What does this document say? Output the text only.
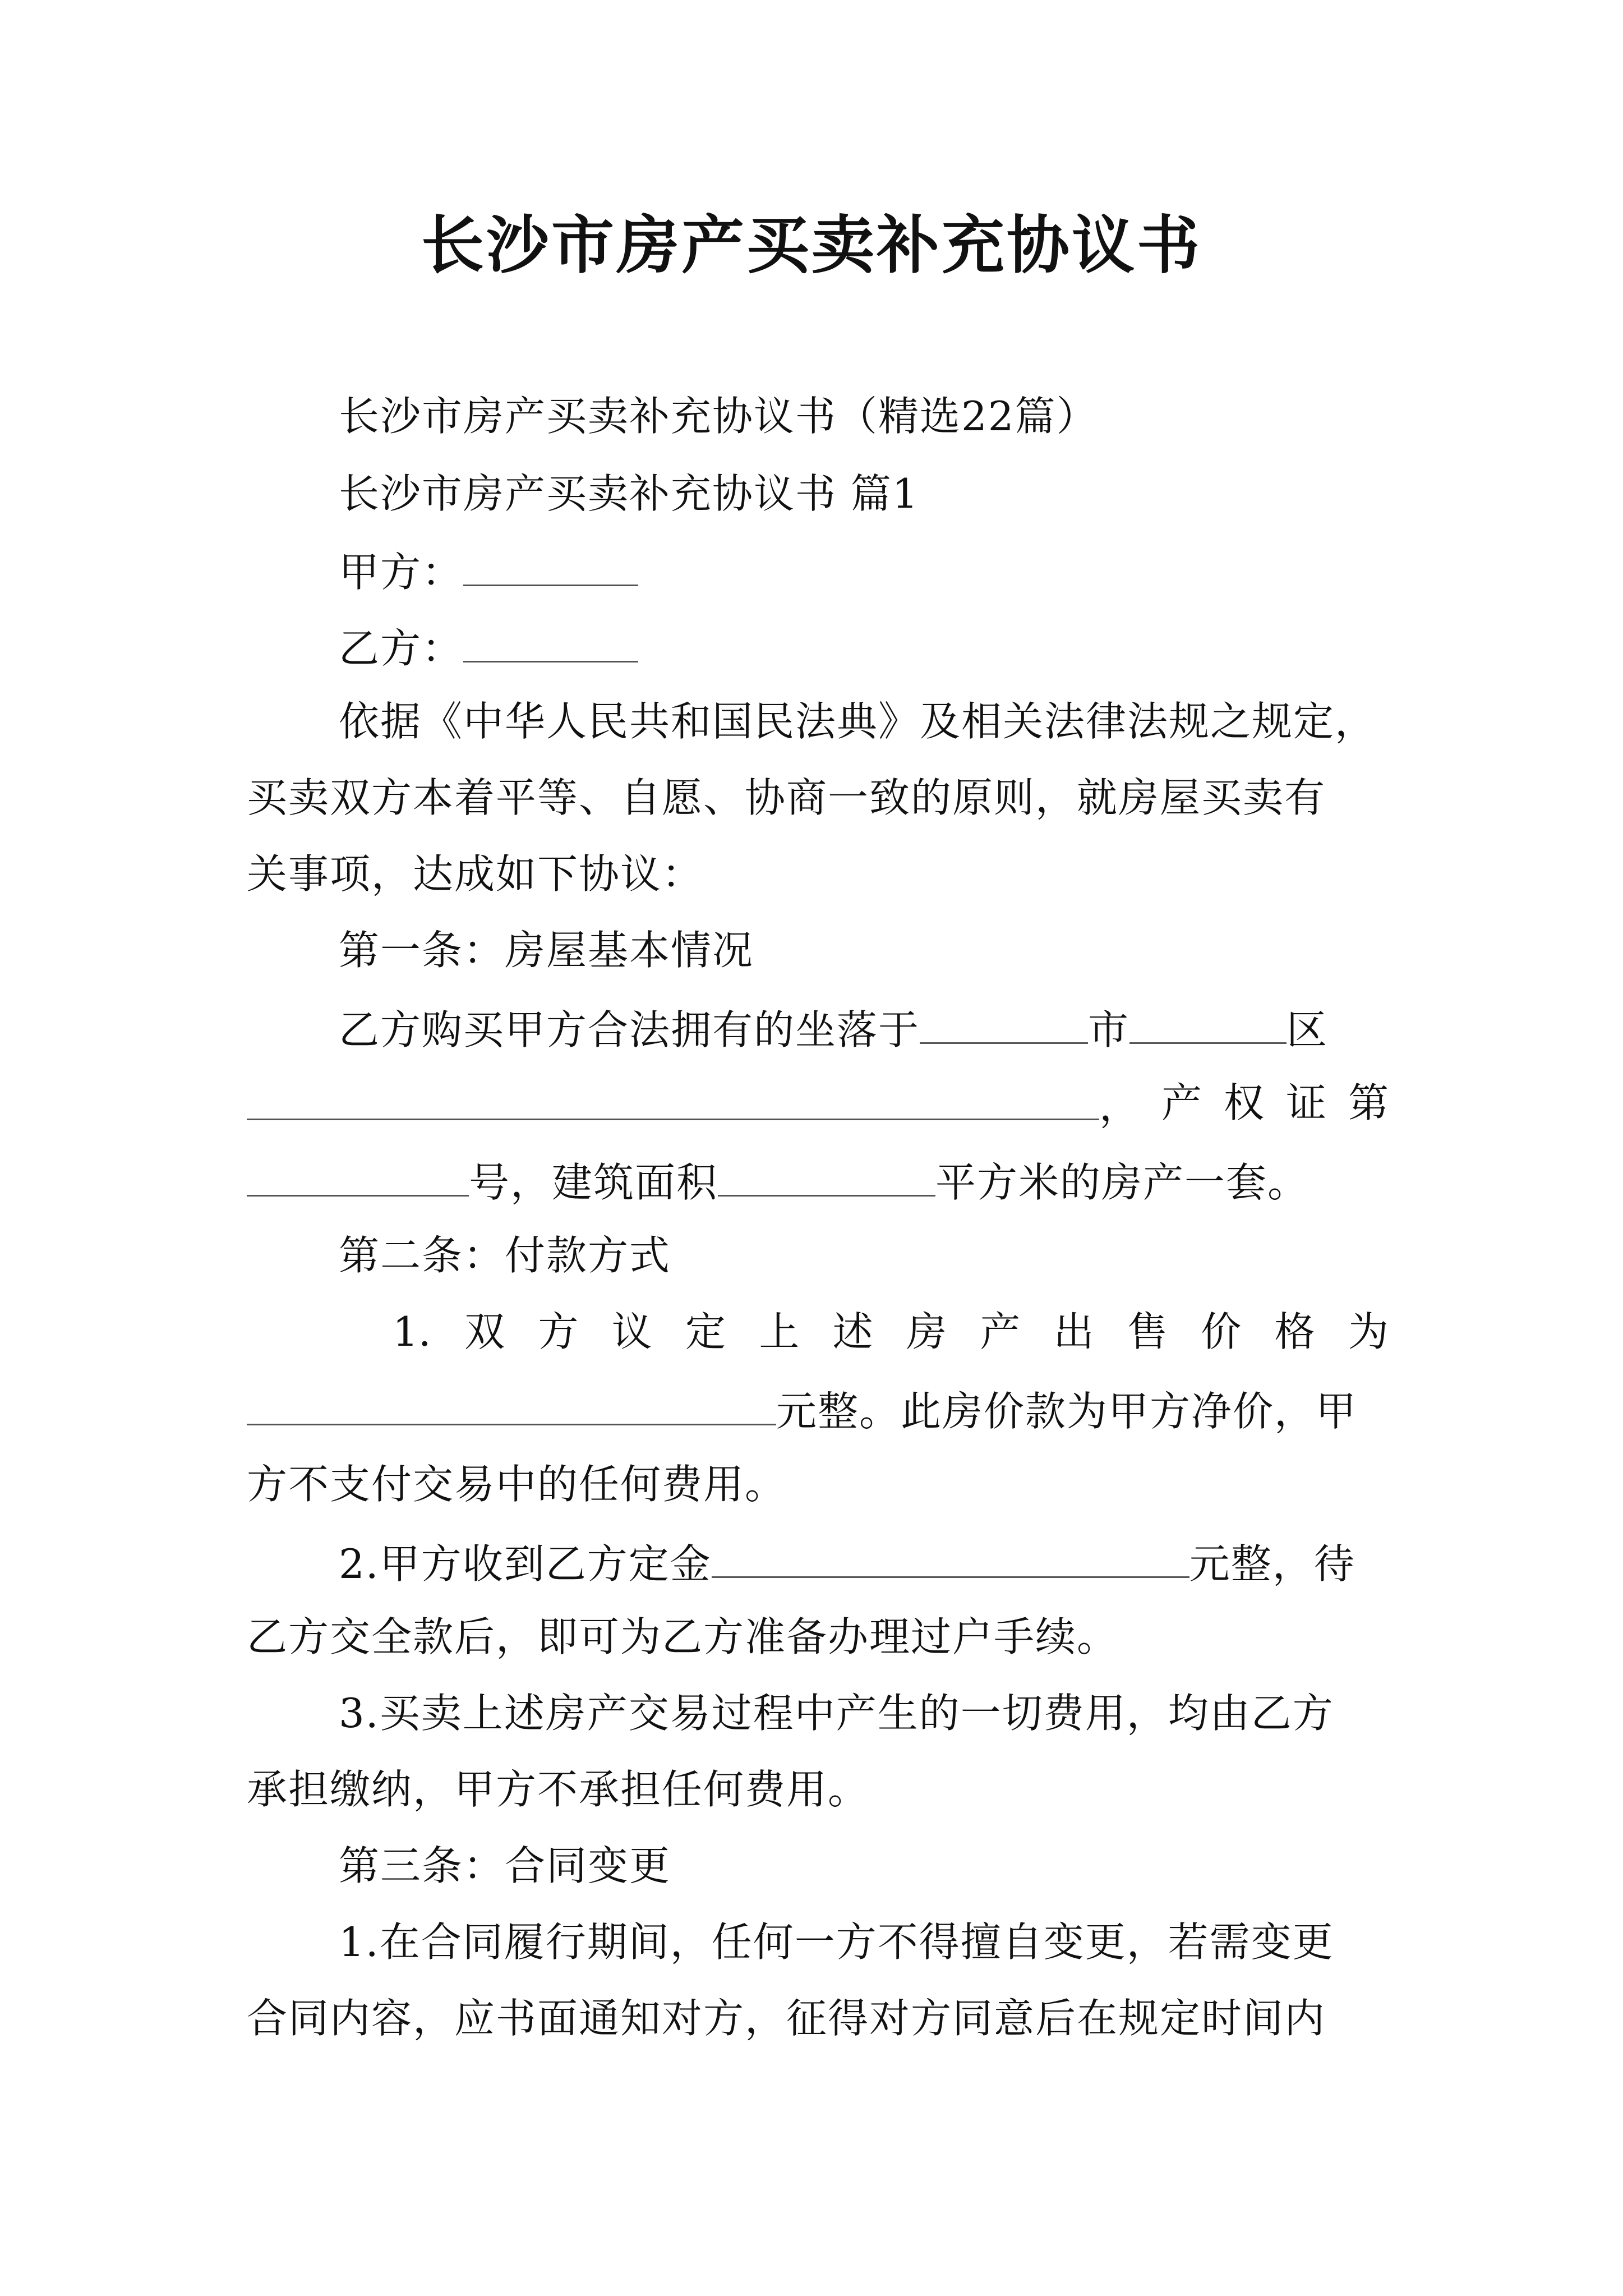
长沙市房产买卖补充协议书
长沙市房产买卖补充协议书（精选22篇）
长沙市房产买卖补充协议书 篇1
甲方：
乙方：
依据《中华人民共和国民法典》及相关法律法规之规定，
买卖双方本着平等、自愿、协商一致的原则，就房屋买卖有
关事项，达成如下协议：
第一条：房屋基本情况
乙方购买甲方合法拥有的坐落于	市	区
， 产 权 证 第
号，建筑面积	平方米的房产一套。
第二条：付款方式
1. 双 方 议 定 上 述 房 产 出 售 价 格 为
元整。此房价款为甲方净价，甲
方不支付交易中的任何费用。
2.甲方收到乙方定金	元整，待
乙方交全款后，即可为乙方准备办理过户手续。
3.买卖上述房产交易过程中产生的一切费用，均由乙方
承担缴纳，甲方不承担任何费用。
第三条：合同变更
1.在合同履行期间，任何一方不得擅自变更，若需变更
合同内容，应书面通知对方，征得对方同意后在规定时间内
